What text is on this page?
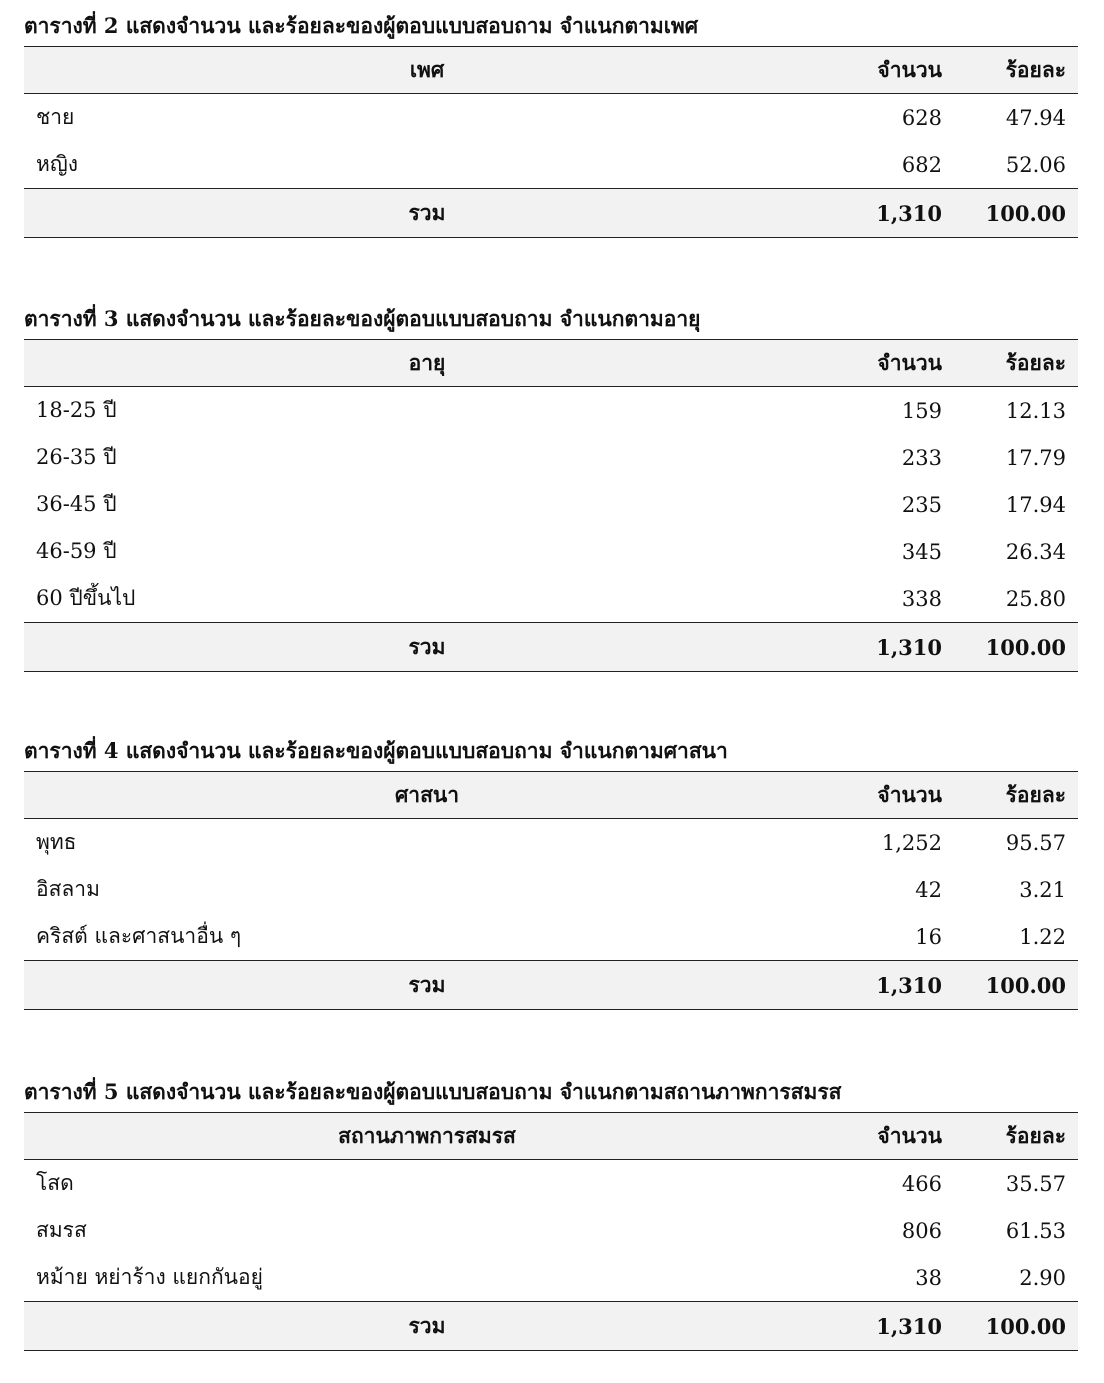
ตารางที่ 2 แสดงจำนวน และร้อยละของผู้ตอบแบบสอบถาม จำแนกตามเพศ
เพศ	จำนวน	ร้อยละ
ชาย	628	47.94
หญิง	682	52.06
รวม	1,310	100.00
ตารางที่ 3 แสดงจำนวน และร้อยละของผู้ตอบแบบสอบถาม จำแนกตามอายุ
อายุ	จำนวน	ร้อยละ
18-25 ปี	159	12.13
26-35 ปี	233	17.79
36-45 ปี	235	17.94
46-59 ปี	345	26.34
60 ปีขึ้นไป	338	25.80
รวม	1,310	100.00
ตารางที่ 4 แสดงจำนวน และร้อยละของผู้ตอบแบบสอบถาม จำแนกตามศาสนา
ศาสนา	จำนวน	ร้อยละ
พุทธ	1,252	95.57
อิสลาม	42	3.21
คริสต์ และศาสนาอื่น ๆ	16	1.22
รวม	1,310	100.00
ตารางที่ 5 แสดงจำนวน และร้อยละของผู้ตอบแบบสอบถาม จำแนกตามสถานภาพการสมรส
สถานภาพการสมรส	จำนวน	ร้อยละ
โสด	466	35.57
สมรส	806	61.53
หม้าย หย่าร้าง แยกกันอยู่	38	2.90
รวม	1,310	100.00
